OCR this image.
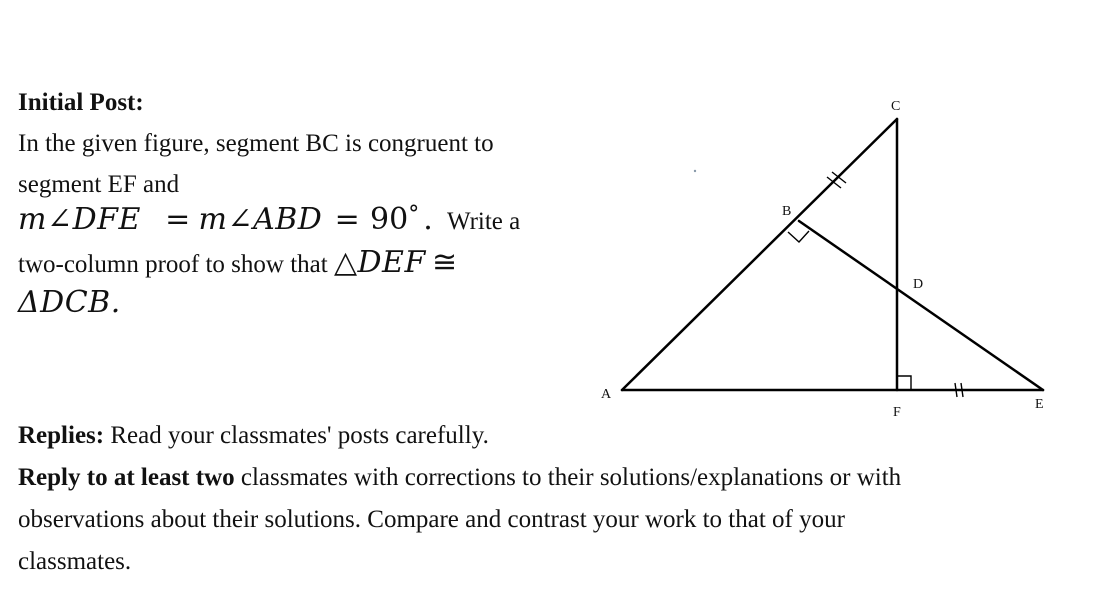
Initial Post:
In the given figure, segment BC is congruent to
segment EF and
m∠DFE = m∠ABD = 90° . Write a
two-column proof to show that △DEF ≅
ΔDCB.
A
B
C
D
E
F
Replies: Read your classmates' posts carefully.
Reply to at least two classmates with corrections to their solutions/explanations or with
observations about their solutions. Compare and contrast your work to that of your
classmates.
